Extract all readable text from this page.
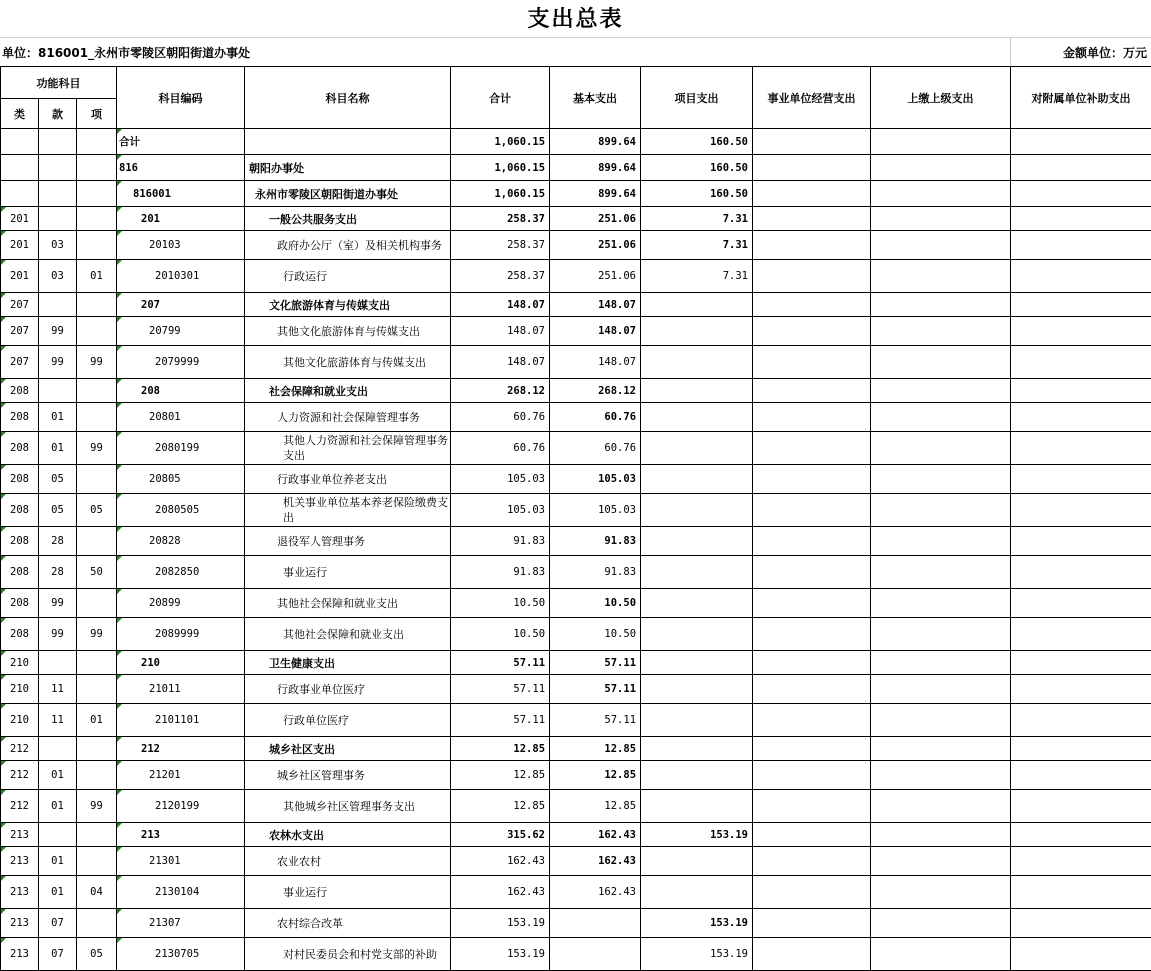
支出总表
单位：816001_永州市零陵区朝阳街道办事处	金额单位：万元
功能科目			科目编码	科目名称	合计	基本支出	项目支出	事业单位经营支出	上缴上级支出	对附属单位补助支出
类	款	项								
			合计		1,060.15	899.64	160.50			
			816	朝阳办事处	1,060.15	899.64	160.50			
			816001	永州市零陵区朝阳街道办事处	1,060.15	899.64	160.50			
201			201	一般公共服务支出	258.37	251.06	7.31			
201	03		20103	政府办公厅（室）及相关机构事务	258.37	251.06	7.31			
201	03	01	2010301	行政运行	258.37	251.06	7.31			
207			207	文化旅游体育与传媒支出	148.07	148.07				
207	99		20799	其他文化旅游体育与传媒支出	148.07	148.07				
207	99	99	2079999	其他文化旅游体育与传媒支出	148.07	148.07				
208			208	社会保障和就业支出	268.12	268.12				
208	01		20801	人力资源和社会保障管理事务	60.76	60.76				
208	01	99	2080199	其他人力资源和社会保障管理事务支出	60.76	60.76				
208	05		20805	行政事业单位养老支出	105.03	105.03				
208	05	05	2080505	机关事业单位基本养老保险缴费支出	105.03	105.03				
208	28		20828	退役军人管理事务	91.83	91.83				
208	28	50	2082850	事业运行	91.83	91.83				
208	99		20899	其他社会保障和就业支出	10.50	10.50				
208	99	99	2089999	其他社会保障和就业支出	10.50	10.50				
210			210	卫生健康支出	57.11	57.11				
210	11		21011	行政事业单位医疗	57.11	57.11				
210	11	01	2101101	行政单位医疗	57.11	57.11				
212			212	城乡社区支出	12.85	12.85				
212	01		21201	城乡社区管理事务	12.85	12.85				
212	01	99	2120199	其他城乡社区管理事务支出	12.85	12.85				
213			213	农林水支出	315.62	162.43	153.19			
213	01		21301	农业农村	162.43	162.43				
213	01	04	2130104	事业运行	162.43	162.43				
213	07		21307	农村综合改革	153.19		153.19			
213	07	05	2130705	对村民委员会和村党支部的补助	153.19		153.19			
